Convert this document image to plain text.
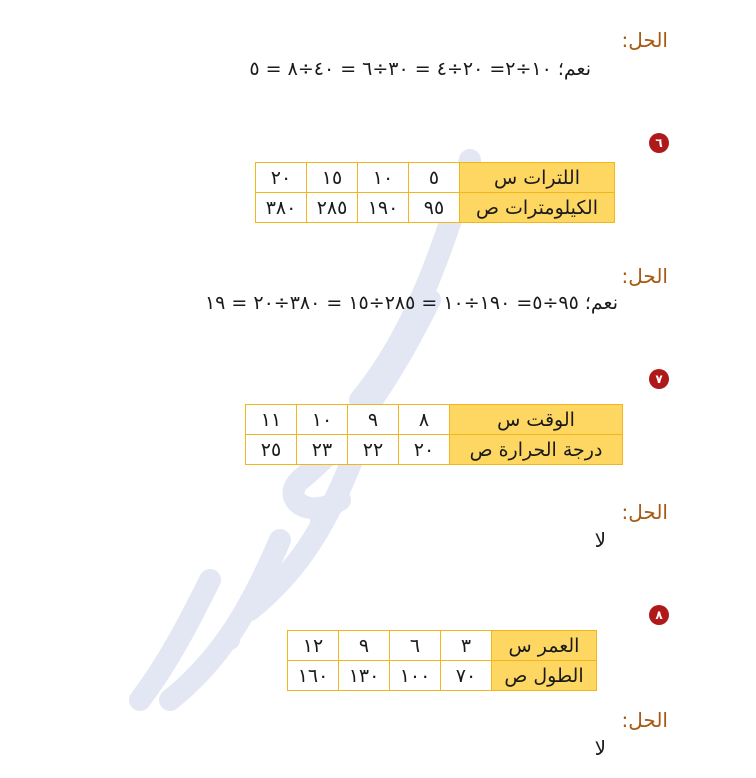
الحل:
نعم؛ ١٠÷٢= ٢٠÷٤ = ٣٠÷٦ = ٤٠÷٨ = ٥
٦
اللترات س	٥	١٠	١٥	٢٠
الكيلومترات ص	٩٥	١٩٠	٢٨٥	٣٨٠
الحل:
نعم؛ ٩٥÷٥= ١٩٠÷١٠ = ٢٨٥÷١٥ = ٣٨٠÷٢٠ = ١٩
٧
الوقت س	٨	٩	١٠	١١
درجة الحرارة ص	٢٠	٢٢	٢٣	٢٥
الحل:
لا
٨
العمر س	٣	٦	٩	١٢
الطول ص	٧٠	١٠٠	١٣٠	١٦٠
الحل:
لا
